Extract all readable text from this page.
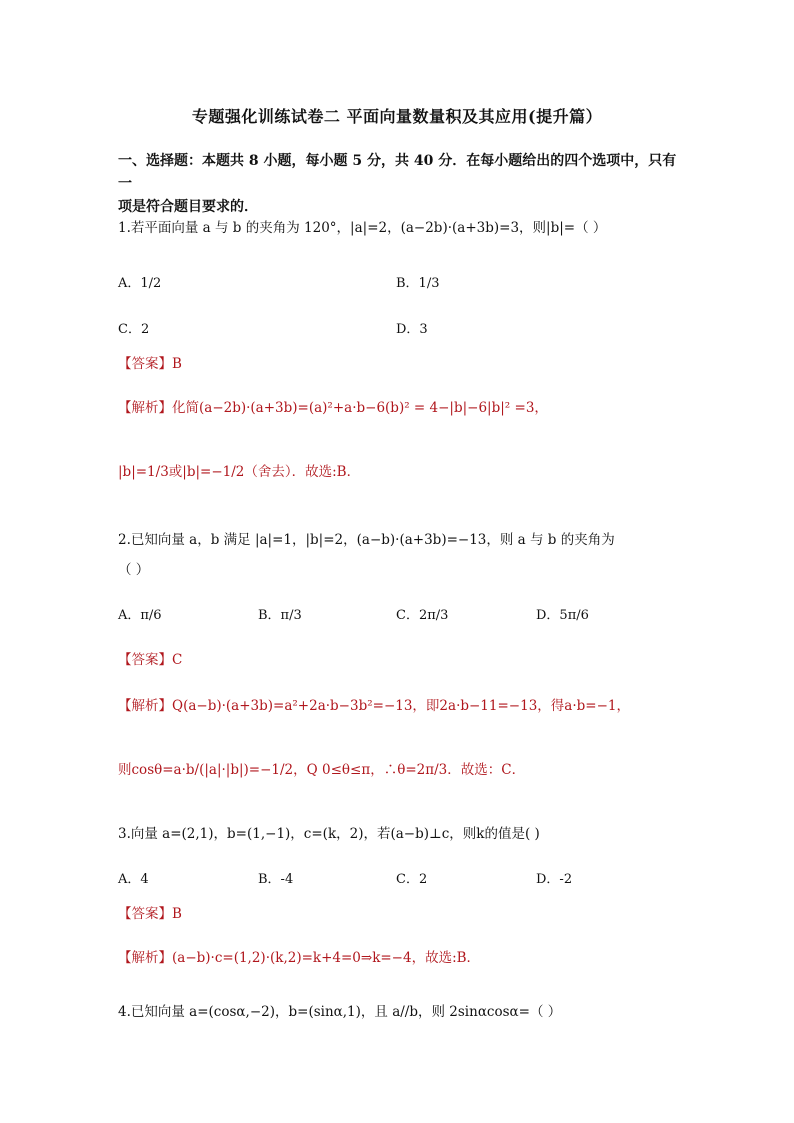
专题强化训练试卷二 平面向量数量积及其应用(提升篇）
一、选择题：本题共 8 小题，每小题 5 分，共 40 分．在每小题给出的四个选项中，只有一
项是符合题目要求的．
1.若平面向量 a 与 b 的夹角为 120°，|a|=2，(a−2b)·(a+3b)=3，则|b|=（ ）
A．1/2	B．1/3
C．2	D．3
【答案】B
【解析】化简(a−2b)·(a+3b)=(a)²+a·b−6(b)² = 4−|b|−6|b|² =3，
|b|=1/3或|b|=−1/2（舍去）．故选:B．
2.已知向量 a，b 满足 |a|=1，|b|=2，(a−b)·(a+3b)=−13，则 a 与 b 的夹角为
（ ）
A．π/6	B．π/3	C．2π/3	D．5π/6
【答案】C
【解析】Q(a−b)·(a+3b)=a²+2a·b−3b²=−13，即2a·b−11=−13，得a·b=−1，
则cosθ=a·b/(|a|·|b|)=−1/2，Q 0≤θ≤π，∴θ=2π/3．故选：C．
3.向量 a=(2,1)，b=(1,−1)，c=(k，2)，若(a−b)⊥c，则k的值是( )
A．4	B．-4	C．2	D．-2
【答案】B
【解析】(a−b)·c=(1,2)·(k,2)=k+4=0⇒k=−4，故选:B．
4.已知向量 a=(cosα,−2)，b=(sinα,1)，且 a//b，则 2sinαcosα=（ ）
